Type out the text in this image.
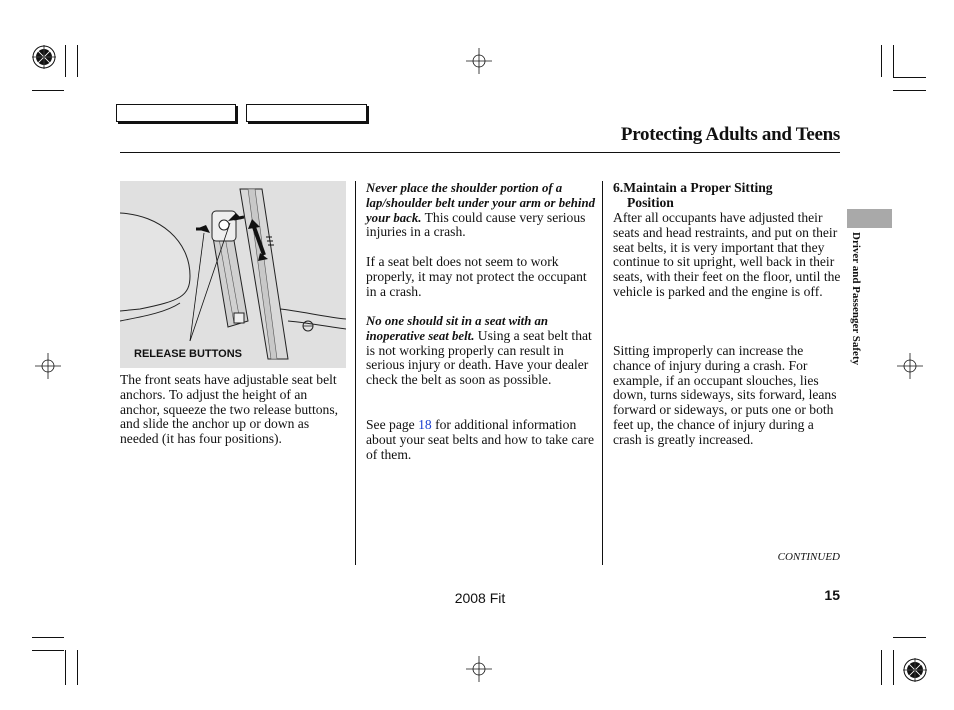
Protecting Adults and Teens
Driver and Passenger Safety
RELEASE BUTTONS
The front seats have adjustable seat belt anchors. To adjust the height of an anchor, squeeze the two release buttons, and slide the anchor up or down as needed (it has four positions).
Never place the shoulder portion of a lap/shoulder belt under your arm or behind your back. This could cause very serious injuries in a crash.
If a seat belt does not seem to work properly, it may not protect the occupant in a crash.
No one should sit in a seat with an inoperative seat belt. Using a seat belt that is not working properly can result in serious injury or death. Have your dealer check the belt as soon as possible.
See page 18 for additional information about your seat belts and how to take care of them.
6.Maintain a Proper Sitting
Position
After all occupants have adjusted their seats and head restraints, and put on their seat belts, it is very important that they continue to sit upright, well back in their seats, with their feet on the floor, until the vehicle is parked and the engine is off.
Sitting improperly can increase the chance of injury during a crash. For example, if an occupant slouches, lies down, turns sideways, sits forward, leans forward or sideways, or puts one or both feet up, the chance of injury during a crash is greatly increased.
CONTINUED
2008 Fit	15
